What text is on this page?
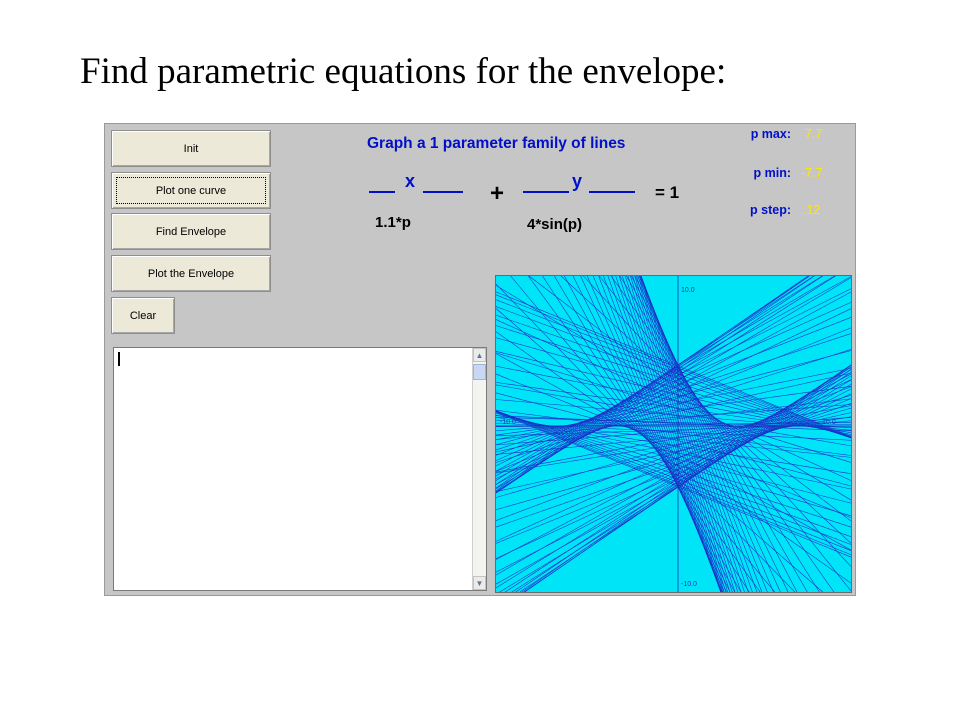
Find parametric equations for the envelope:
Init
Plot one curve
Find Envelope
Plot the Envelope
Clear
▲
▼
Graph a 1 parameter family of lines
x
1.1*p
+	y
4*sin(p)
= 1
p max: 7.7
p min: -7.7
p step: .12
10.0
-10.0
-10.0	10.0
